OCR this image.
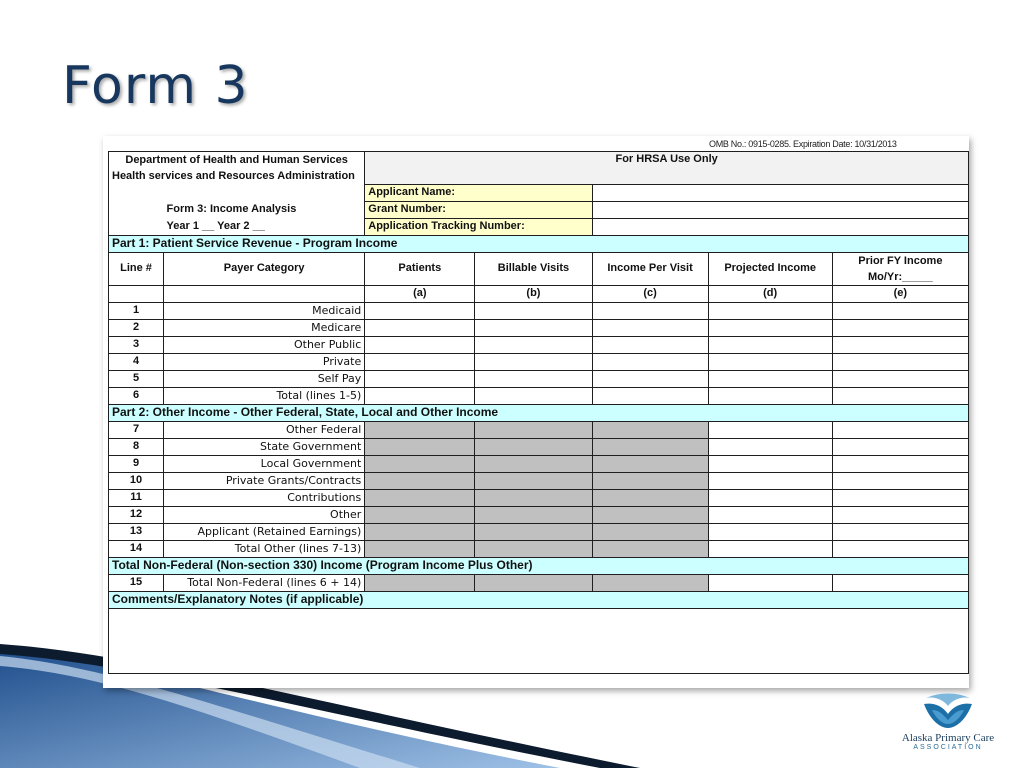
Form 3
OMB No.: 0915-0285. Expiration Date: 10/31/2013
Department of Health and Human Services		For HRSA Use Only				
Health services and Resources Administration						
		Applicant Name:				
	Form 3: Income Analysis	Grant Number:				
	Year 1 __ Year 2 __	Application Tracking Number:				
Part 1: Patient Service Revenue - Program Income						
Line #	Payer Category	Patients	Billable Visits	Income Per Visit	Projected Income	Prior FY Income
Mo/Yr:_____
		(a)	(b)	(c)	(d)	(e)
1	Medicaid					
2	Medicare					
3	Other Public					
4	Private					
5	Self Pay					
6	Total (lines 1-5)					
Part 2: Other Income - Other Federal, State, Local and Other Income						
7	Other Federal					
8	State Government					
9	Local Government					
10	Private Grants/Contracts					
11	Contributions					
12	Other					
13	Applicant (Retained Earnings)					
14	Total Other (lines 7-13)					
Total Non-Federal (Non-section 330) Income (Program Income Plus Other)						
15	Total Non-Federal (lines 6 + 14)					
Comments/Explanatory Notes (if applicable)						

Alaska Primary Care
ASSOCIATION
